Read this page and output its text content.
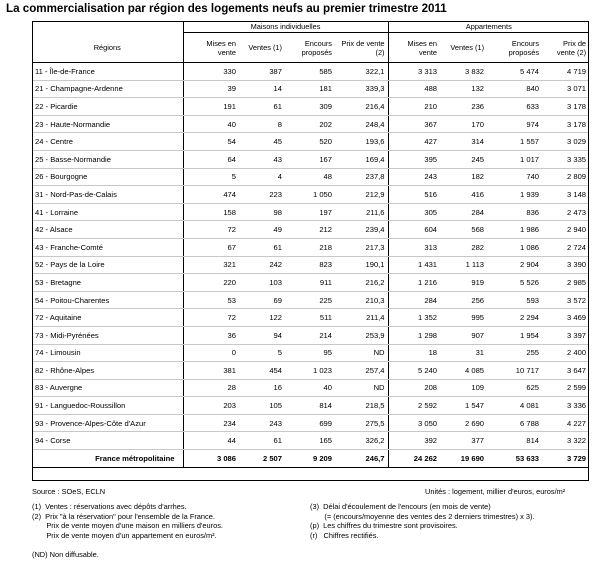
La commercialisation par région des logements neufs au premier trimestre 2011
	Maisons individuelles				Appartements			
Régions	Mises en vente	Ventes (1)	Encours proposés	Prix de vente (2)	Mises en vente	Ventes (1)	Encours proposés	Prix de vente (2)
11 - Île-de-France	330	387	585	322,1	3 313	3 832	5 474	4 719
21 - Champagne-Ardenne	39	14	181	339,3	488	132	840	3 071
22 - Picardie	191	61	309	216,4	210	236	633	3 178
23 - Haute-Normandie	40	8	202	248,4	367	170	974	3 178
24 - Centre	54	45	520	193,6	427	314	1 557	3 029
25 - Basse-Normandie	64	43	167	169,4	395	245	1 017	3 335
26 - Bourgogne	5	4	48	237,8	243	182	740	2 809
31 - Nord-Pas-de-Calais	474	223	1 050	212,9	516	416	1 939	3 148
41 - Lorraine	158	98	197	211,6	305	284	836	2 473
42 - Alsace	72	49	212	239,4	604	568	1 986	2 940
43 - Franche-Comté	67	61	218	217,3	313	282	1 086	2 724
52 - Pays de la Loire	321	242	823	190,1	1 431	1 113	2 904	3 390
53 - Bretagne	220	103	911	216,2	1 216	919	5 526	2 985
54 - Poitou-Charentes	53	69	225	210,3	284	256	593	3 572
72 - Aquitaine	72	122	511	211,4	1 352	995	2 294	3 469
73 - Midi-Pyrénées	36	94	214	253,9	1 298	907	1 954	3 397
74 - Limousin	0	5	95	ND	18	31	255	2 400
82 - Rhône-Alpes	381	454	1 023	257,4	5 240	4 085	10 717	3 647
83 - Auvergne	28	16	40	ND	208	109	625	2 599
91 - Languedoc-Roussillon	203	105	814	218,5	2 592	1 547	4 081	3 336
93 - Provence-Alpes-Côte d'Azur	234	243	699	275,5	3 050	2 690	6 788	4 227
94 - Corse	44	61	165	326,2	392	377	814	3 322
France métropolitaine	3 086	2 507	9 209	246,7	24 262	19 690	53 633	3 729
Source : SOeS, ECLN	Unités : logement, millier d'euros, euros/m²
(1)  Ventes : réservations avec dépôts d'arrhes.
(2)  Prix "à la réservation" pour l'ensemble de la France.
Prix de vente moyen d'une maison en milliers d'euros.
Prix de vente moyen d'un appartement en euros/m².
(ND) Non diffusable.
(3)  Délai d'écoulement de l'encours (en mois de vente)
(= (encours/moyenne des ventes des 2 derniers trimestres) x 3).
(p)  Les chiffres du trimestre sont provisoires.
(r)   Chiffres rectifiés.
